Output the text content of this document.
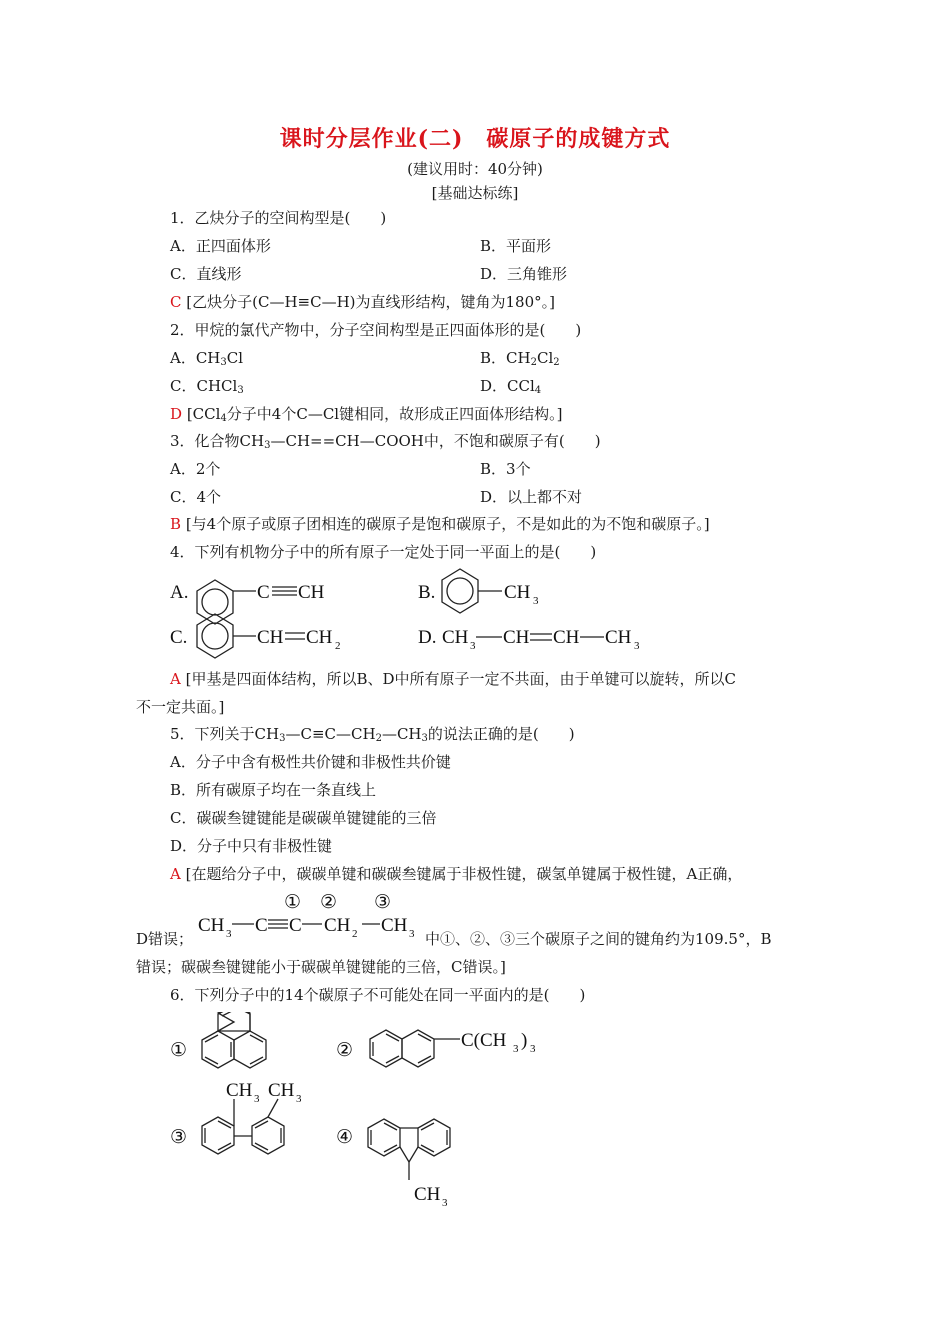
课时分层作业(二)　碳原子的成键方式
(建议用时：40分钟)
[基础达标练]
1．乙炔分子的空间构型是(　　)
A．正四面体形	B．平面形
C．直线形	D．三角锥形
C [乙炔分子(C—H≡C—H)为直线形结构，键角为180°。]
2．甲烷的氯代产物中，分子空间构型是正四面体形的是(　　)
A．$CH_3Cl$	B．$CH_2Cl_2$
C．CHCl$_3$	D．CCl$_4$
D [CCl$_4$分子中4个C—Cl键相同，故形成正四面体形结构。]
3．化合物$CH_3—CH==CH—COOH$中，不饱和碳原子有(　　)
A．2个	B．3个
C．4个	D．以上都不对
B [与4个原子或原子团相连的碳原子是饱和碳原子，不是如此的为不饱和碳原子。]
4．下列有机物分子中的所有原子一定处于同一平面上的是(　　)
A.	C CH	B.	CH 3
C.	CH CH 2	D. CH 3 CH CH CH 3
A [甲基是四面体结构，所以B、D中所有原子一定不共面，由于单键可以旋转，所以C
不一定共面。]
5．下列关于$CH_3—C\equiv C—CH_2—CH_3$的说法正确的是(　　)
A．分子中含有极性共价键和非极性共价键
B．所有碳原子均在一条直线上
C．碳碳叁键键能是碳碳单键键能的三倍
D．分子中只有非极性键
A [在题给分子中，碳碳单键和碳碳叁键属于非极性键，碳氢单键属于极性键，A正确，
D错误；
① ② ③
CH 3 C C CH 2 CH 3 中①、②、③三个碳原子之间的键角约为109.5°，B
错误；碳碳叁键键能小于碳碳单键键能的三倍，C错误。]
6．下列分子中的14个碳原子不可能处在同一平面内的是(　　)
①	②
③	④
C(CH 3 ) 3
CH 3 CH 3
CH 3
